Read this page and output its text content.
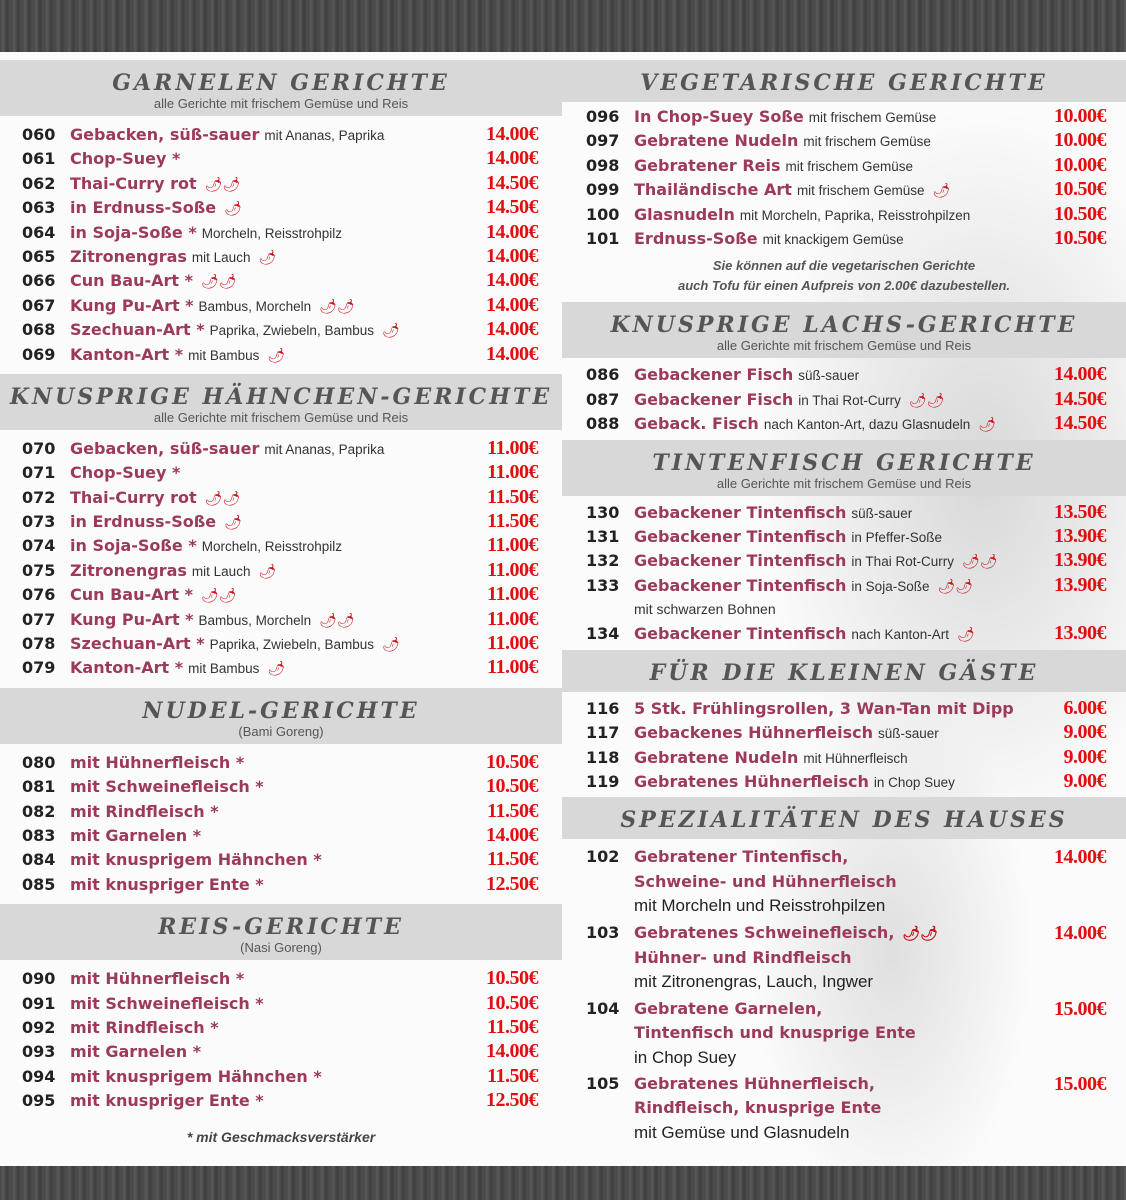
GARNELEN GERICHTE
alle Gerichte mit frischem Gemüse und Reis
060 Gebacken, süß-sauer mit Ananas, Paprika	14.00€
061 Chop-Suey *	14.00€
062 Thai-Curry rot 🌶🌶	14.50€
063 in Erdnuss-Soße 🌶	14.50€
064 in Soja-Soße * Morcheln, Reisstrohpilz	14.00€
065 Zitronengras mit Lauch 🌶	14.00€
066 Cun Bau-Art * 🌶🌶	14.00€
067 Kung Pu-Art * Bambus, Morcheln 🌶🌶	14.00€
068 Szechuan-Art * Paprika, Zwiebeln, Bambus 🌶	14.00€
069 Kanton-Art * mit Bambus 🌶	14.00€
KNUSPRIGE HÄHNCHEN-GERICHTE
alle Gerichte mit frischem Gemüse und Reis
070 Gebacken, süß-sauer mit Ananas, Paprika	11.00€
071 Chop-Suey *	11.00€
072 Thai-Curry rot 🌶🌶	11.50€
073 in Erdnuss-Soße 🌶	11.50€
074 in Soja-Soße * Morcheln, Reisstrohpilz	11.00€
075 Zitronengras mit Lauch 🌶	11.00€
076 Cun Bau-Art * 🌶🌶	11.00€
077 Kung Pu-Art * Bambus, Morcheln 🌶🌶	11.00€
078 Szechuan-Art * Paprika, Zwiebeln, Bambus 🌶	11.00€
079 Kanton-Art * mit Bambus 🌶	11.00€
NUDEL-GERICHTE
(Bami Goreng)
080 mit Hühnerfleisch *	10.50€
081 mit Schweinefleisch *	10.50€
082 mit Rindfleisch *	11.50€
083 mit Garnelen *	14.00€
084 mit knusprigem Hähnchen *	11.50€
085 mit knuspriger Ente *	12.50€
REIS-GERICHTE
(Nasi Goreng)
090 mit Hühnerfleisch *	10.50€
091 mit Schweinefleisch *	10.50€
092 mit Rindfleisch *	11.50€
093 mit Garnelen *	14.00€
094 mit knusprigem Hähnchen *	11.50€
095 mit knuspriger Ente *	12.50€
* mit Geschmacksverstärker
VEGETARISCHE GERICHTE
096 In Chop-Suey Soße mit frischem Gemüse	10.00€
097 Gebratene Nudeln mit frischem Gemüse	10.00€
098 Gebratener Reis mit frischem Gemüse	10.00€
099 Thailändische Art mit frischem Gemüse 🌶	10.50€
100 Glasnudeln mit Morcheln, Paprika, Reisstrohpilzen	10.50€
101 Erdnuss-Soße mit knackigem Gemüse	10.50€
Sie können auf die vegetarischen Gerichte
auch Tofu für einen Aufpreis von 2.00€ dazubestellen.
KNUSPRIGE LACHS-GERICHTE
alle Gerichte mit frischem Gemüse und Reis
086 Gebackener Fisch süß-sauer	14.00€
087 Gebackener Fisch in Thai Rot-Curry 🌶🌶	14.50€
088 Geback. Fisch nach Kanton-Art, dazu Glasnudeln 🌶	14.50€
TINTENFISCH GERICHTE
alle Gerichte mit frischem Gemüse und Reis
130 Gebackener Tintenfisch süß-sauer	13.50€
131 Gebackener Tintenfisch in Pfeffer-Soße	13.90€
132 Gebackener Tintenfisch in Thai Rot-Curry 🌶🌶	13.90€
133 Gebackener Tintenfisch in Soja-Soße 🌶🌶	13.90€
mit schwarzen Bohnen
134 Gebackener Tintenfisch nach Kanton-Art 🌶	13.90€
FÜR DIE KLEINEN GÄSTE
116 5 Stk. Frühlingsrollen, 3 Wan-Tan mit Dipp 6.00€
117 Gebackenes Hühnerfleisch süß-sauer	9.00€
118 Gebratene Nudeln mit Hühnerfleisch	9.00€
119 Gebratenes Hühnerfleisch in Chop Suey	9.00€
SPEZIALITÄTEN DES HAUSES
102 Gebratener Tintenfisch,
Schweine- und Hühnerfleisch
mit Morcheln und Reisstrohpilzen
14.00€
103 Gebratenes Schweinefleisch, 🌶🌶
Hühner- und Rindfleisch
mit Zitronengras, Lauch, Ingwer
14.00€
104 Gebratene Garnelen,
Tintenfisch und knusprige Ente
in Chop Suey
15.00€
105 Gebratenes Hühnerfleisch,
Rindfleisch, knusprige Ente
mit Gemüse und Glasnudeln
15.00€
